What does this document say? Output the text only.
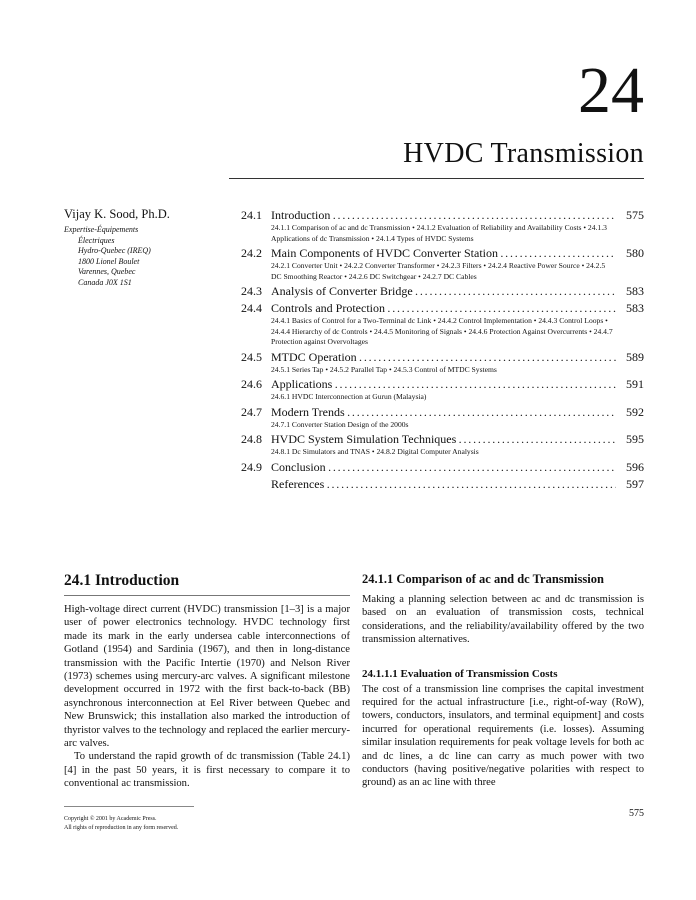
24
HVDC Transmission
Vijay K. Sood, Ph.D.
Expertise-Équipements
Électriques
Hydro-Quebec (IREQ)
1800 Lionel Boulet
Varennes, Quebec
Canada J0X 1S1
24.1 Introduction . . .	575
24.1.1 Comparison of ac and dc Transmission • 24.1.2 Evaluation of Reliability and Availability Costs • 24.1.3 Applications of dc Transmission • 24.1.4 Types of HVDC Systems
24.2 Main Components of HVDC Converter Station . . .	580
24.2.1 Converter Unit • 24.2.2 Converter Transformer • 24.2.3 Filters • 24.2.4 Reactive Power Source • 24.2.5 DC Smoothing Reactor • 24.2.6 DC Switchgear • 24.2.7 DC Cables
24.3 Analysis of Converter Bridge . . .	583
24.4 Controls and Protection . . .	583
24.4.1 Basics of Control for a Two-Terminal dc Link • 24.4.2 Control Implementation • 24.4.3 Control Loops • 24.4.4 Hierarchy of dc Controls • 24.4.5 Monitoring of Signals • 24.4.6 Protection Against Overcurrents • 24.4.7 Protection against Overvoltages
24.5 MTDC Operation . . .	589
24.5.1 Series Tap • 24.5.2 Parallel Tap • 24.5.3 Control of MTDC Systems
24.6 Applications . . .	591
24.6.1 HVDC Interconnection at Gurun (Malaysia)
24.7 Modern Trends . . .	592
24.7.1 Converter Station Design of the 2000s
24.8 HVDC System Simulation Techniques . . .	595
24.8.1 Dc Simulators and TNAS • 24.8.2 Digital Computer Analysis
24.9 Conclusion . . .	596
References . . .	597
24.1 Introduction

High-voltage direct current (HVDC) transmission [1–3] is a major user of power electronics technology. HVDC technology first made its mark in the early undersea cable interconnections of Gotland (1954) and Sardinia (1967), and then in long-distance transmission with the Pacific Intertie (1970) and Nelson River (1973) schemes using mercury-arc valves. A significant milestone development occurred in 1972 with the first back-to-back (BB) asynchronous interconnection at Eel River between Quebec and New Brunswick; this installation also marked the introduction of thyristor valves to the technology and replaced the earlier mercury-arc valves.

To understand the rapid growth of dc transmission (Table 24.1) [4] in the past 50 years, it is first necessary to compare it to conventional ac transmission.

24.1.1 Comparison of ac and dc Transmission

Making a planning selection between ac and dc transmission is based on an evaluation of transmission costs, technical considerations, and the reliability/availability offered by the two transmission alternatives.

24.1.1.1 Evaluation of Transmission Costs

The cost of a transmission line comprises the capital investment required for the actual infrastructure [i.e., right-of-way (RoW), towers, conductors, insulators, and terminal equipment] and costs incurred for operational requirements (i.e. losses). Assuming similar insulation requirements for peak voltage levels for both ac and dc lines, a dc line can carry as much power with two conductors (having positive/negative polarities with respect to ground) as an ac line with three

Copyright © 2001 by Academic Press.
All rights of reproduction in any form reserved.
575
